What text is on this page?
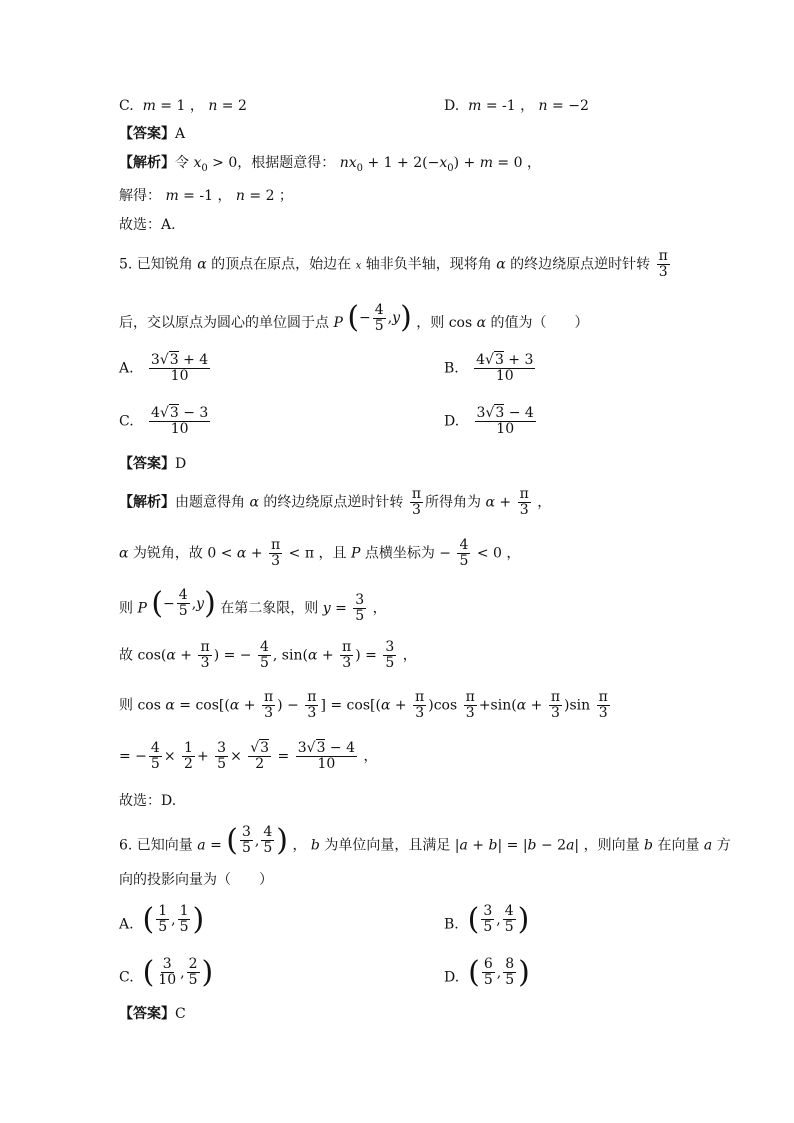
C. m = 1 ， n = 2	D. m = -1 ， n = −2
【答案】A
【解析】令 $x_0 > 0$，根据题意得： $nx_0 + 1 + 2(-x_0) + m = 0$ ，
解得： m = -1 ， n = 2 ；
故选：A.
5. 已知锐角 α 的顶点在原点，始边在 x 轴非负半轴，现将角 α 的终边绕原点逆时针转 $\frac{\pi}{3}$
后，交以原点为圆心的单位圆于点 P ( − $\frac{4}{5}$ , y ) ，则 cos α 的值为（　　）
A. $\frac{3√3 + 4}{10}$	B. $\frac{4√3 + 3}{10}$
C. $\frac{4√3 - 3}{10}$	D. $\frac{3√3 - 4}{10}$
【答案】D
【解析】由题意得角 α 的终边绕原点逆时针转 $\frac{\pi}{3}$ 所得角为 $\alpha + \frac{\pi}{3}$ ，
α 为锐角，故 $0 < \alpha + \frac{\pi}{3} < \pi$ ，且 P 点横坐标为 − $\frac{4}{5} < 0$ ，
则 P ( − $\frac{4}{5}$ , y ) 在第二象限，则 $y = \frac{3}{5}$ ，
故 $\cos(\alpha + \frac{\pi}{3}$ ) = − $\frac{4}{5}$ , $\sin(\alpha + \frac{\pi}{3}$ ) = $\frac{3}{5}$ ，
则 $\cos \alpha = \cos[(\alpha + \frac{\pi}{3}$ ) − $\frac{\pi}{3}$ ] = $\cos[(\alpha + \frac{\pi}{3} )\cos \frac{\pi}{3} +\sin(\alpha + \frac{\pi}{3} )\sin \frac{\pi}{3}$
= − $\frac{4}{5} \times \frac{1}{2} + \frac{3}{5} \times \frac{√3}{2} = \frac{3√3 - 4}{10}$ ，
故选：D.
6. 已知向量 a = ( $\frac{3}{5}$ , $\frac{4}{5}$ ) ， b 为单位向量，且满足 |a + b| = |b − 2a| ，则向量 b 在向量 a 方
向的投影向量为（　　）
A. ( $\frac{1}{5}$ , $\frac{1}{5}$ )	B. ( $\frac{3}{5}$ , $\frac{4}{5}$ )
C. ( $\frac{3}{10}$ , $\frac{2}{5}$ )	D. ( $\frac{6}{5}$ , $\frac{8}{5}$ )
【答案】C
